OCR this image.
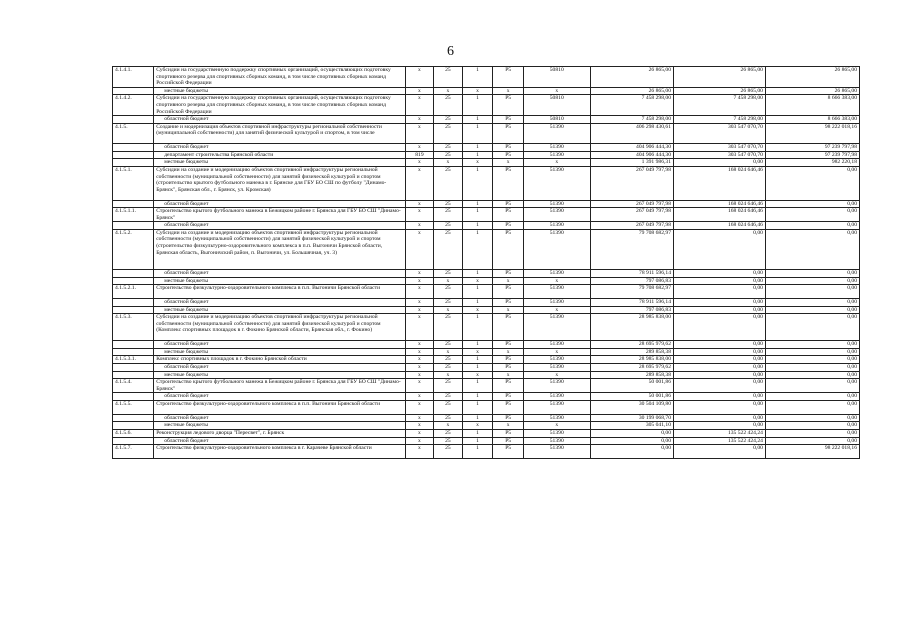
6
4.1.4.1.	Субсидии на государственную поддержку спортивных организаций, осуществляющих подготовку спортивного резерва для спортивных сборных команд, в том числе спортивных сборных команд Российской Федерации	х	25	1	Р5	50810	26 865,00	26 865,00	26 865,00
	местные бюджеты	х	х	х	х	х	26 865,00	26 865,00	26 865,00
4.1.4.2.	Субсидии на государственную поддержку спортивных организаций, осуществляющих подготовку спортивного резерва для спортивных сборных команд, в том числе спортивных сборных команд Российской Федерации	х	25	1	Р5	50810	7 458 298,00	7 458 298,00	8 666 383,00
	областной бюджет	х	25	1	Р5	50810	7 458 298,00	7 458 298,00	8 666 383,00
4.1.5.	Создание и модернизация объектов спортивной инфраструктуры региональной собственности (муниципальной собственности) для занятий физической культурой и спортом, в том числе	х	25	1	Р5	51390	406 298 430,61	303 547 070,70	98 222 018,16
	областной бюджет	х	25	1	Р5	51390	404 906 444,30	303 547 070,70	97 239 797,98
	департамент строительства Брянской области	819	25	1	Р5	51390	404 906 444,30	303 547 070,70	97 239 797,98
	местные бюджеты	х	х	х	х	х	1 391 986,31	0,00	982 220,18
4.1.5.1.	Субсидии на создание и модернизацию объектов спортивной инфраструктуры региональной собственности (муниципальной собственности) для занятий физической культурой и спортом (строительство крытого футбольного манежа в г. Брянске для ГБУ БО СШ по футболу "Динамо-Брянск", Брянская обл., г. Брянск, ул. Кромская)	х	25	1	Р5	51390	267 049 797,98	168 024 646,46	0,00
	областной бюджет	х	25	1	Р5	51390	267 049 797,98	168 024 646,46	0,00
4.1.5.1.1.	Строительство крытого футбольного манежа в Бежицком районе г. Брянска для ГБУ БО СШ "Динамо-Брянск"	х	25	1	Р5	51390	267 049 797,98	168 024 646,46	0,00
	областной бюджет	х	25	1	Р5	51390	267 049 797,98	168 024 646,46	0,00
4.1.5.2.	Субсидии на создание и модернизацию объектов спортивной инфраструктуры региональной собственности (муниципальной собственности) для занятий физической культурой и спортом (строительство физкультурно-оздоровительного комплекса в п.п. Выгоничи Брянской области, Брянская область, Выгоничский район, п. Выгоничи, ул. Большячная, уч. 3)	х	25	1	Р5	51390	79 708 682,97	0,00	0,00
	областной бюджет	х	25	1	Р5	51390	78 911 596,14	0,00	0,00
	местные бюджеты	х	х	х	х	х	797 086,83	0,00	0,00
4.1.5.2.1.	Строительство физкультурно-оздоровительного комплекса в п.п. Выгоничи Брянской области	х	25	1	Р5	51390	79 708 682,97	0,00	0,00
	областной бюджет	х	25	1	Р5	51390	78 911 596,14	0,00	0,00
	местные бюджеты	х	х	х	х	х	797 086,83	0,00	0,00
4.1.5.3.	Субсидии на создание и модернизацию объектов спортивной инфраструктуры региональной собственности (муниципальной собственности) для занятий физической культурой и спортом (Комплекс спортивных площадок в г. Фокино Брянской области, Брянская обл., г. Фокино)	х	25	1	Р5	51390	28 985 838,00	0,00	0,00
	областной бюджет	х	25	1	Р5	51390	28 695 979,62	0,00	0,00
	местные бюджеты	х	х	х	х	х	289 858,38	0,00	0,00
4.1.5.3.1.	Комплекс спортивных площадок в г. Фокино Брянской области	х	25	1	Р5	51390	28 985 838,00	0,00	0,00
	областной бюджет	х	25	1	Р5	51390	28 695 979,62	0,00	0,00
	местные бюджеты	х	х	х	х	х	289 858,38	0,00	0,00
4.1.5.4.	Строительство крытого футбольного манежа в Бежицком районе г. Брянска для ГБУ БО СШ "Динамо-Брянск"	х	25	1	Р5	51390	50 001,86	0,00	0,00
	областной бюджет	х	25	1	Р5	51390	50 001,86	0,00	0,00
4.1.5.5.	Строительство физкультурно-оздоровительного комплекса в п.п. Выгоничи Брянской области	х	25	1	Р5	51390	30 504 109,80	0,00	0,00
	областной бюджет	х	25	1	Р5	51390	30 199 068,70	0,00	0,00
	местные бюджеты	х	х	х	х	х	305 041,10	0,00	0,00
4.1.5.6.	Реконструкция ледового дворца "Пересвет", г. Брянск	х	25	1	Р5	51390	0,00	135 522 424,24	0,00
	областной бюджет	х	25	1	Р5	51390	0,00	135 522 424,24	0,00
4.1.5.7.	Строительство физкультурно-оздоровительного комплекса в г. Карачеве Брянской области	х	25	1	Р5	51390	0,00	0,00	98 222 018,16
